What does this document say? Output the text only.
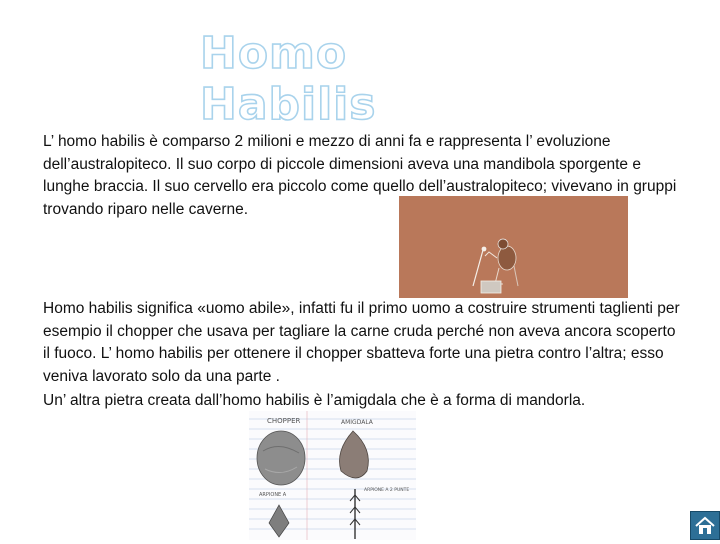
Homo Habilis
L’ homo habilis è comparso 2 milioni e mezzo di anni fa e rappresenta l’ evoluzione dell’australopiteco. Il suo corpo di piccole dimensioni aveva una mandibola sporgente e lunghe braccia. Il suo cervello era piccolo come quello dell’australopiteco; vivevano in gruppi trovando riparo nelle caverne.
Homo habilis significa «uomo abile», infatti fu il primo uomo a costruire strumenti taglienti per esempio il chopper che usava per tagliare la carne cruda perché non aveva ancora scoperto il fuoco. L’ homo habilis per ottenere il chopper sbatteva forte una pietra contro l’altra; esso veniva lavorato solo da una parte .
Un’ altra pietra creata dall’homo habilis è l’amigdala che è a forma di mandorla.
CHOPPER	AMIGDALA
ARPIONE A
ARPIONE A 2 PUNTE
